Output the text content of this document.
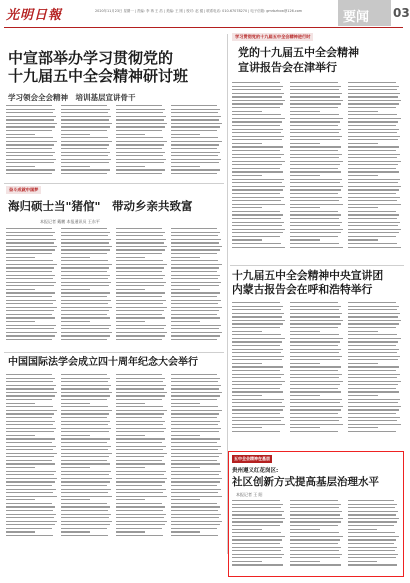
光明日報	2020年11月23日 星期一 | 责编: 李 苒 王 浩 | 美编: 王 刚 | 校对: 赵 健 | 联系电话: 010-67078270 | 电子信箱: gmrbzhxw@126.com	要闻 03
中宣部举办学习贯彻党的
十九届五中全会精神研讨班
学习领会全会精神　培训基层宣讲骨干
奋斗成就中国梦
海归硕士当"猪倌"　带动乡亲共致富
本报记者 戴鹏 本报通讯员 王东平
中国国际法学会成立四十周年纪念大会举行
学习贯彻党的十九届五中全会精神进行时
党的十九届五中全会精神
宣讲报告会在津举行
十九届五中全会精神中央宣讲团
内蒙古报告会在呼和浩特举行
五中全会精神在基层
贵州遵义红花岗区:
社区创新方式提高基层治理水平
本报记者 王 阳
